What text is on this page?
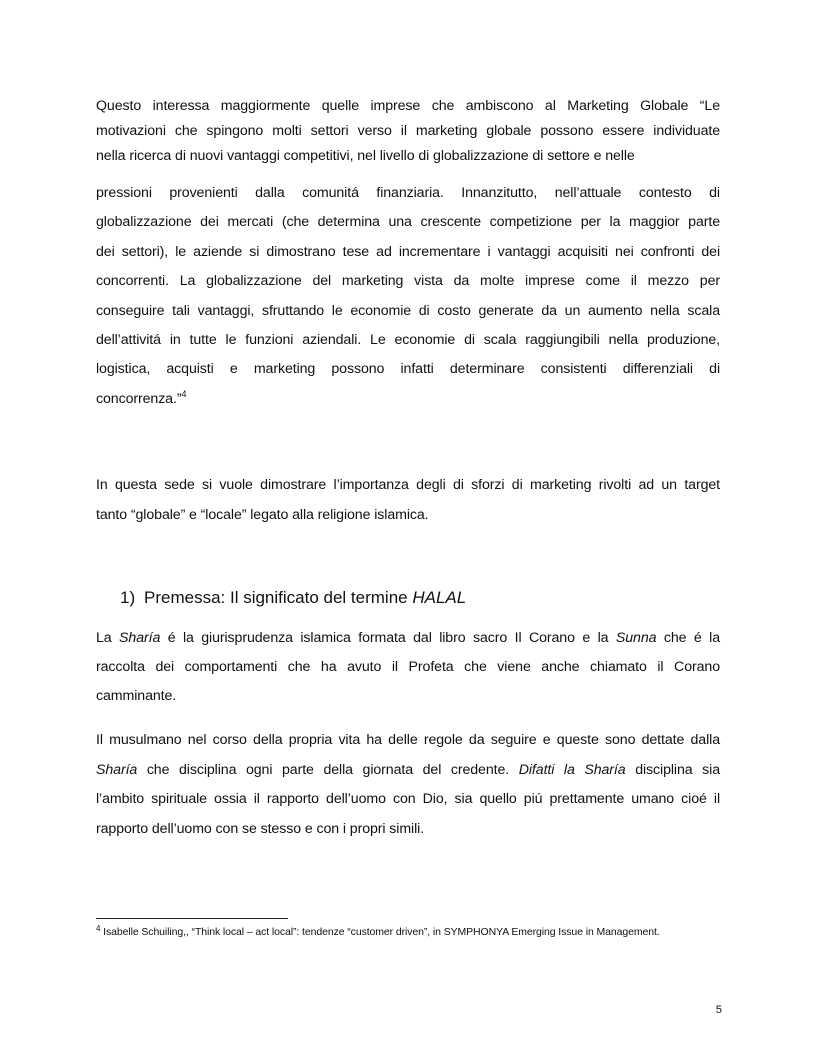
Questo interessa maggiormente quelle imprese che ambiscono al Marketing Globale “Le
motivazioni che spingono molti settori verso il marketing globale possono essere individuate
nella ricerca di nuovi vantaggi competitivi, nel livello di globalizzazione di settore e nelle
pressioni provenienti dalla comunitá finanziaria. Innanzitutto, nell’attuale contesto di
globalizzazione dei mercati (che determina una crescente competizione per la maggior parte
dei settori), le aziende si dimostrano tese ad incrementare i vantaggi acquisiti nei confronti dei
concorrenti. La globalizzazione del marketing vista da molte imprese come il mezzo per
conseguire tali vantaggi, sfruttando le economie di costo generate da un aumento nella scala
dell’attivitá in tutte le funzioni aziendali. Le economie di scala raggiungibili nella produzione,
logistica, acquisti e marketing possono infatti determinare consistenti differenziali di
concorrenza.”$^4$
In questa sede si vuole dimostrare l’importanza degli di sforzi di marketing rivolti ad un target
tanto “globale” e “locale” legato alla religione islamica.
1) Premessa: Il significato del termine HALAL
La Sharía é la giurisprudenza islamica formata dal libro sacro Il Corano e la Sunna che é la
raccolta dei comportamenti che ha avuto il Profeta che viene anche chiamato il Corano
camminante.
Il musulmano nel corso della propria vita ha delle regole da seguire e queste sono dettate dalla
Sharía che disciplina ogni parte della giornata del credente. Difatti la Sharía disciplina sia
l’ambito spirituale ossia il rapporto dell’uomo con Dio, sia quello piú prettamente umano cioé il
rapporto dell’uomo con se stesso e con i propri simili.
$^4$ Isabelle Schuiling,, “Think local – act local”: tendenze “customer driven”, in SYMPHONYA Emerging Issue in Management.
5
